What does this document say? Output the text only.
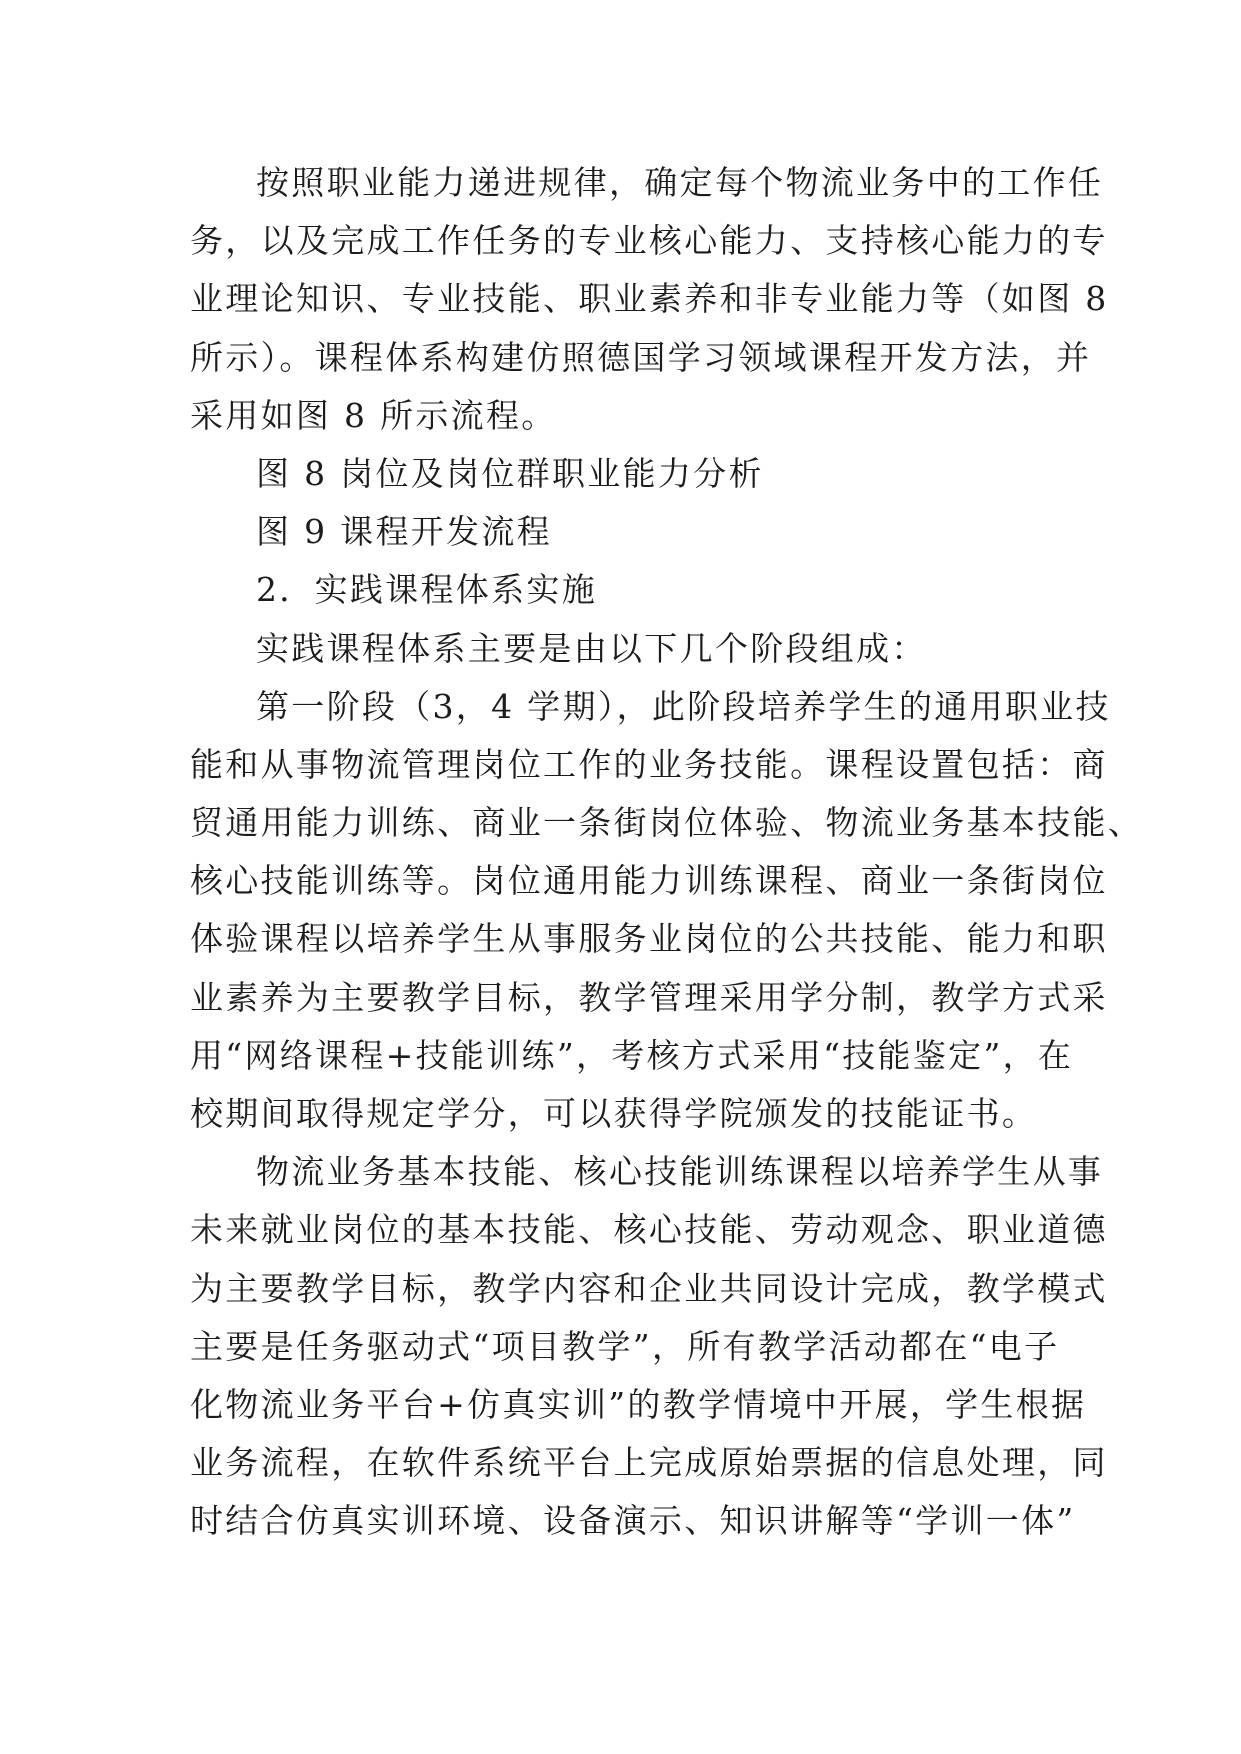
按照职业能力递进规律，确定每个物流业务中的工作任
务，以及完成工作任务的专业核心能力、支持核心能力的专
业理论知识、专业技能、职业素养和非专业能力等（如图 8
所示）。课程体系构建仿照德国学习领域课程开发方法，并
采用如图 8 所示流程。
图 8 岗位及岗位群职业能力分析
图 9 课程开发流程
2．实践课程体系实施
实践课程体系主要是由以下几个阶段组成：
第一阶段（3，4 学期），此阶段培养学生的通用职业技
能和从事物流管理岗位工作的业务技能。课程设置包括：商
贸通用能力训练、商业一条街岗位体验、物流业务基本技能、
核心技能训练等。岗位通用能力训练课程、商业一条街岗位
体验课程以培养学生从事服务业岗位的公共技能、能力和职
业素养为主要教学目标，教学管理采用学分制，教学方式采
用“网络课程+技能训练”，考核方式采用“技能鉴定”，在
校期间取得规定学分，可以获得学院颁发的技能证书。
物流业务基本技能、核心技能训练课程以培养学生从事
未来就业岗位的基本技能、核心技能、劳动观念、职业道德
为主要教学目标，教学内容和企业共同设计完成，教学模式
主要是任务驱动式“项目教学”，所有教学活动都在“电子
化物流业务平台+仿真实训”的教学情境中开展，学生根据
业务流程，在软件系统平台上完成原始票据的信息处理，同
时结合仿真实训环境、设备演示、知识讲解等“学训一体”
